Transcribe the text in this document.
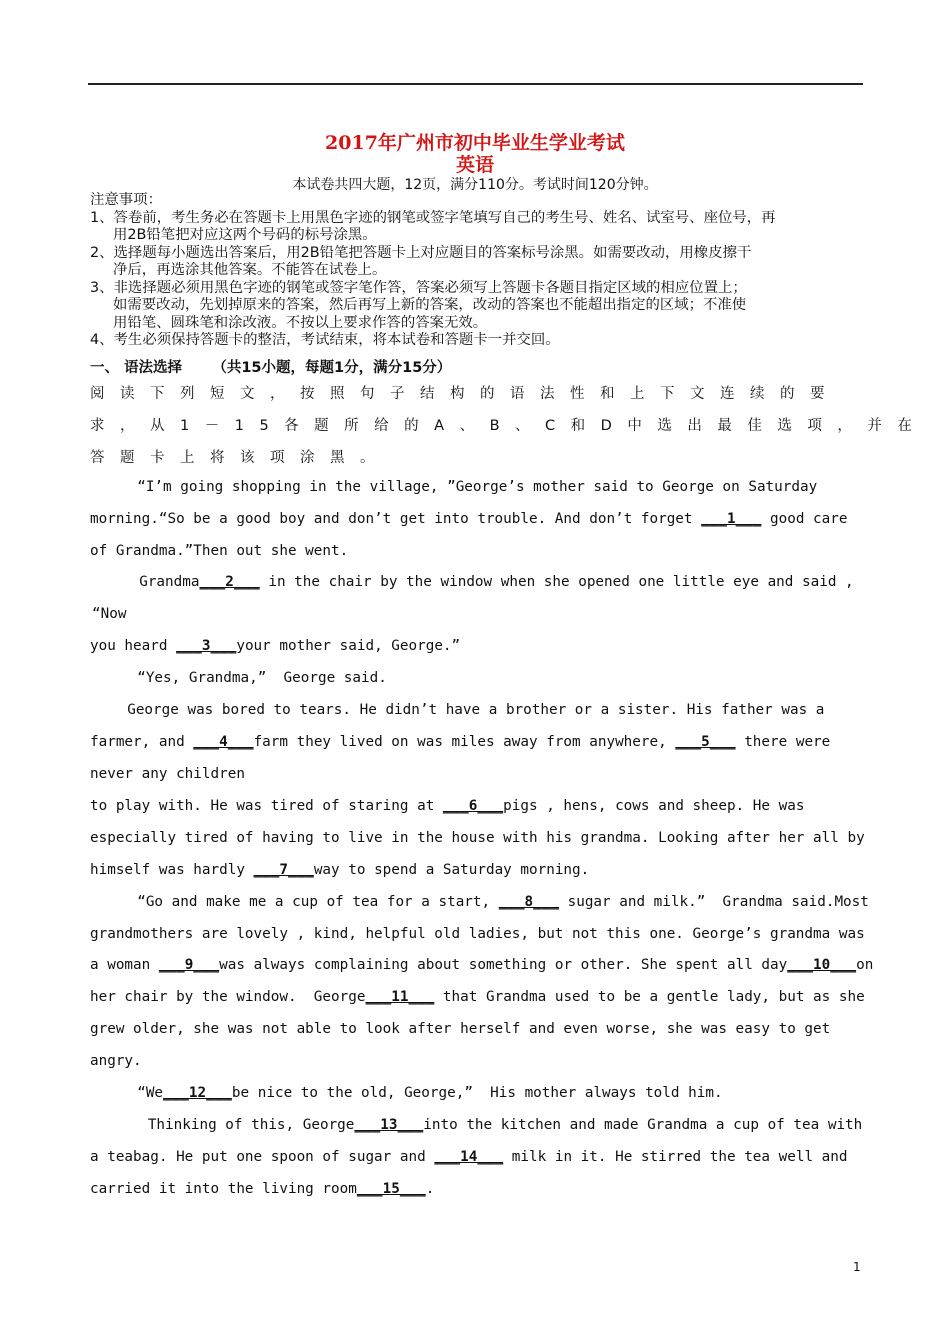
2017年广州市初中毕业生学业考试
英语
本试卷共四大题，12页，满分110分。考试时间120分钟。
注意事项：
1、答卷前，考生务必在答题卡上用黑色字迹的钢笔或签字笔填写自己的考生号、姓名、试室号、座位号，再
用2B铅笔把对应这两个号码的标号涂黑。
2、选择题每小题选出答案后，用2B铅笔把答题卡上对应题目的答案标号涂黑。如需要改动，用橡皮擦干
净后，再选涂其他答案。不能答在试卷上。
3、非选择题必须用黑色字迹的钢笔或签字笔作答，答案必须写上答题卡各题目指定区域的相应位置上；
如需要改动，先划掉原来的答案，然后再写上新的答案，改动的答案也不能超出指定的区域；不准使
用铅笔、圆珠笔和涂改液。不按以上要求作答的答案无效。
4、考生必须保持答题卡的整洁，考试结束，将本试卷和答题卡一并交回。
一、 语法选择      （共15小题，每题1分，满分15分）
阅读下列短文，按照句子结构的语法性和上下文连续的要
求，从1－15各题所给的A、B、C和D中选出最佳选项，并在
答题卡上将该项涂黑。
“I’m going shopping in the village, ”George’s mother said to George on Saturday
morning.“So be a good boy and don’t get into trouble. And don’t forget ___1___ good care
of Grandma.”Then out she went.
Grandma___2___ in the chair by the window when she opened one little eye and said ,
“Now
you heard ___3___your mother said, George.”
“Yes, Grandma,”  George said.
George was bored to tears. He didn’t have a brother or a sister. His father was a
farmer, and ___4___farm they lived on was miles away from anywhere, ___5___ there were
never any children
to play with. He was tired of staring at ___6___pigs , hens, cows and sheep. He was
especially tired of having to live in the house with his grandma. Looking after her all by
himself was hardly ___7___way to spend a Saturday morning.
“Go and make me a cup of tea for a start, ___8___ sugar and milk.”  Grandma said.Most
grandmothers are lovely , kind, helpful old ladies, but not this one. George’s grandma was
a woman ___9___was always complaining about something or other. She spent all day___10___on
her chair by the window.  George___11___ that Grandma used to be a gentle lady, but as she
grew older, she was not able to look after herself and even worse, she was easy to get
angry.
“We___12___be nice to the old, George,”  His mother always told him.
Thinking of this, George___13___into the kitchen and made Grandma a cup of tea with
a teabag. He put one spoon of sugar and ___14___ milk in it. He stirred the tea well and
carried it into the living room___15___.
1
